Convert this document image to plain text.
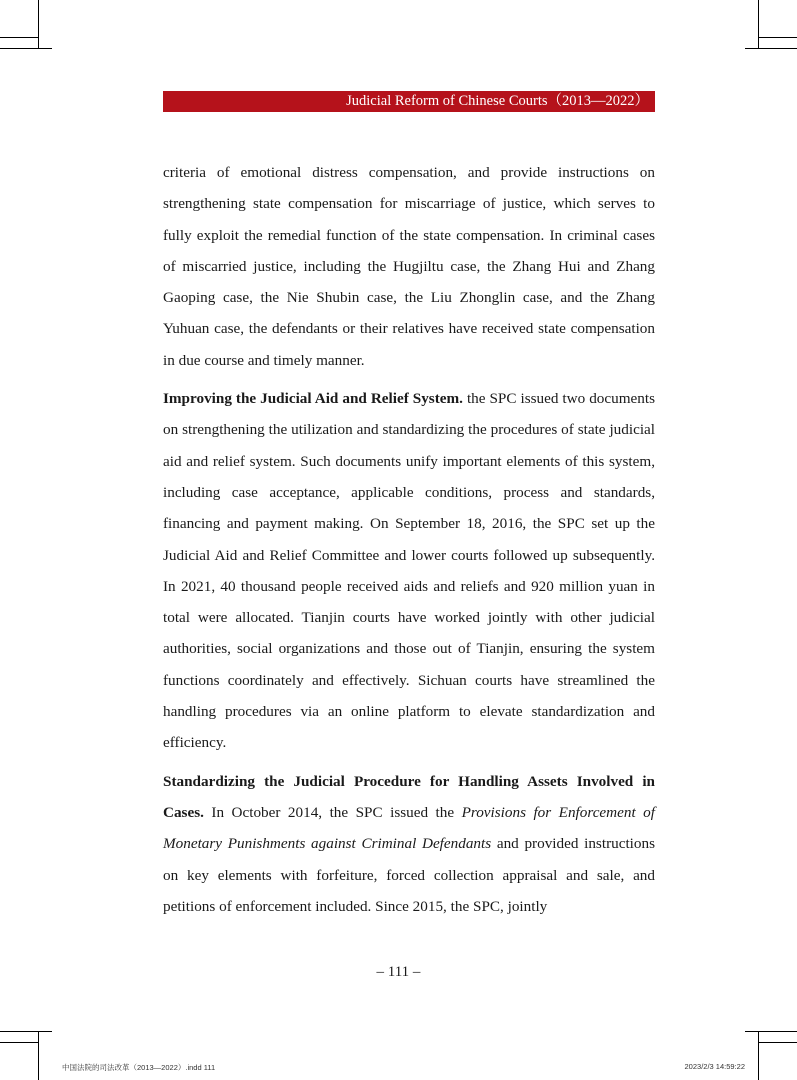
Judicial Reform of Chinese Courts（2013—2022）

criteria of emotional distress compensation, and provide instructions on strengthening state compensation for miscarriage of justice, which serves to fully exploit the remedial function of the state compensation. In criminal cases of miscarried justice, including the Hugjiltu case, the Zhang Hui and Zhang Gaoping case, the Nie Shubin case, the Liu Zhonglin case, and the Zhang Yuhuan case, the defendants or their relatives have received state compensation in due course and timely manner.

Improving the Judicial Aid and Relief System. the SPC issued two documents on strengthening the utilization and standardizing the procedures of state judicial aid and relief system. Such documents unify important elements of this system, including case acceptance, applicable conditions, process and standards, financing and payment making. On September 18, 2016, the SPC set up the Judicial Aid and Relief Committee and lower courts followed up subsequently. In 2021, 40 thousand people received aids and reliefs and 920 million yuan in total were allocated. Tianjin courts have worked jointly with other judicial authorities, social organizations and those out of Tianjin, ensuring the system functions coordinately and effectively. Sichuan courts have streamlined the handling procedures via an online platform to elevate standardization and efficiency.

Standardizing the Judicial Procedure for Handling Assets Involved in Cases. In October 2014, the SPC issued the Provisions for Enforcement of Monetary Punishments against Criminal Defendants and provided instructions on key elements with forfeiture, forced collection appraisal and sale, and petitions of enforcement included. Since 2015, the SPC, jointly

– 111 –
中国法院的司法改革（2013—2022）.indd 111	2023/2/3 14:59:22
